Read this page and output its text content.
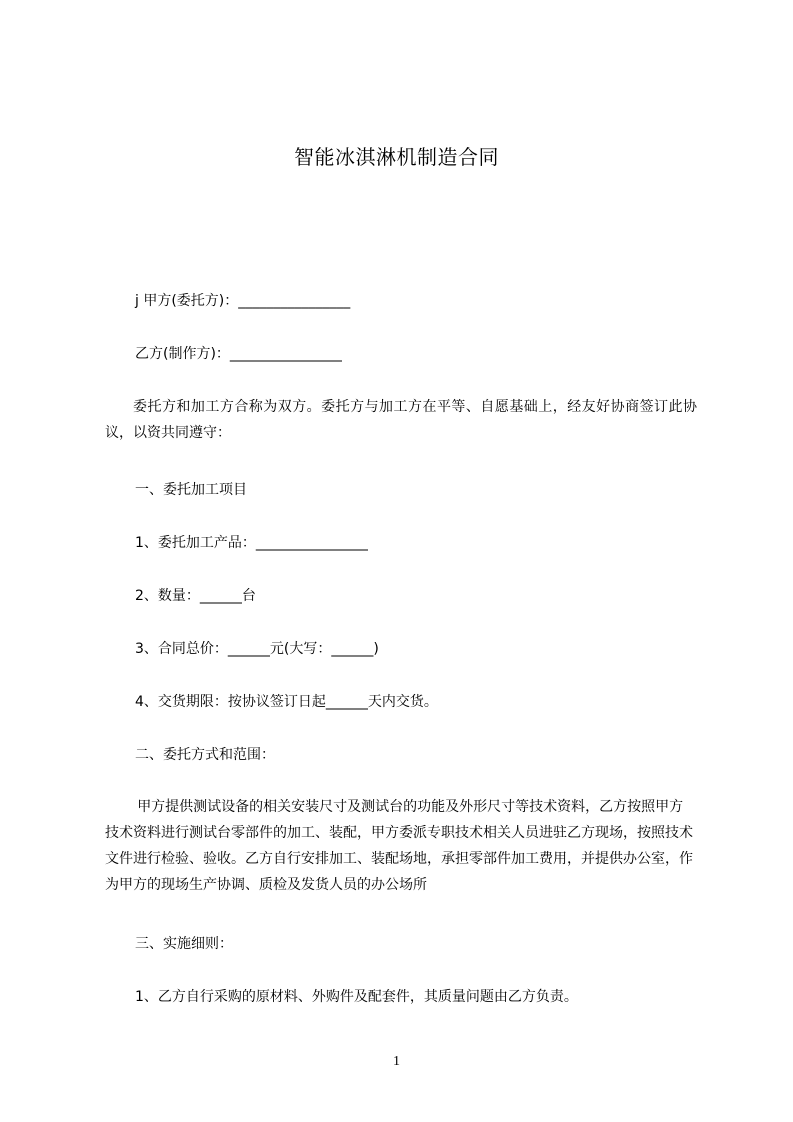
智能冰淇淋机制造合同
j 甲方(委托方)：________________
乙方(制作方)：________________
委托方和加工方合称为双方。委托方与加工方在平等、自愿基础上，经友好协商签订此协议，以资共同遵守：
一、委托加工项目
1、委托加工产品：________________
2、数量：______台
3、合同总价：______元(大写：______)
4、交货期限：按协议签订日起______天内交货。
二、委托方式和范围：
甲方提供测试设备的相关安装尺寸及测试台的功能及外形尺寸等技术资料，乙方按照甲方技术资料进行测试台零部件的加工、装配，甲方委派专职技术相关人员进驻乙方现场，按照技术文件进行检验、验收。乙方自行安排加工、装配场地，承担零部件加工费用，并提供办公室，作为甲方的现场生产协调、质检及发货人员的办公场所
三、实施细则：
1、乙方自行采购的原材料、外购件及配套件，其质量问题由乙方负责。
1
